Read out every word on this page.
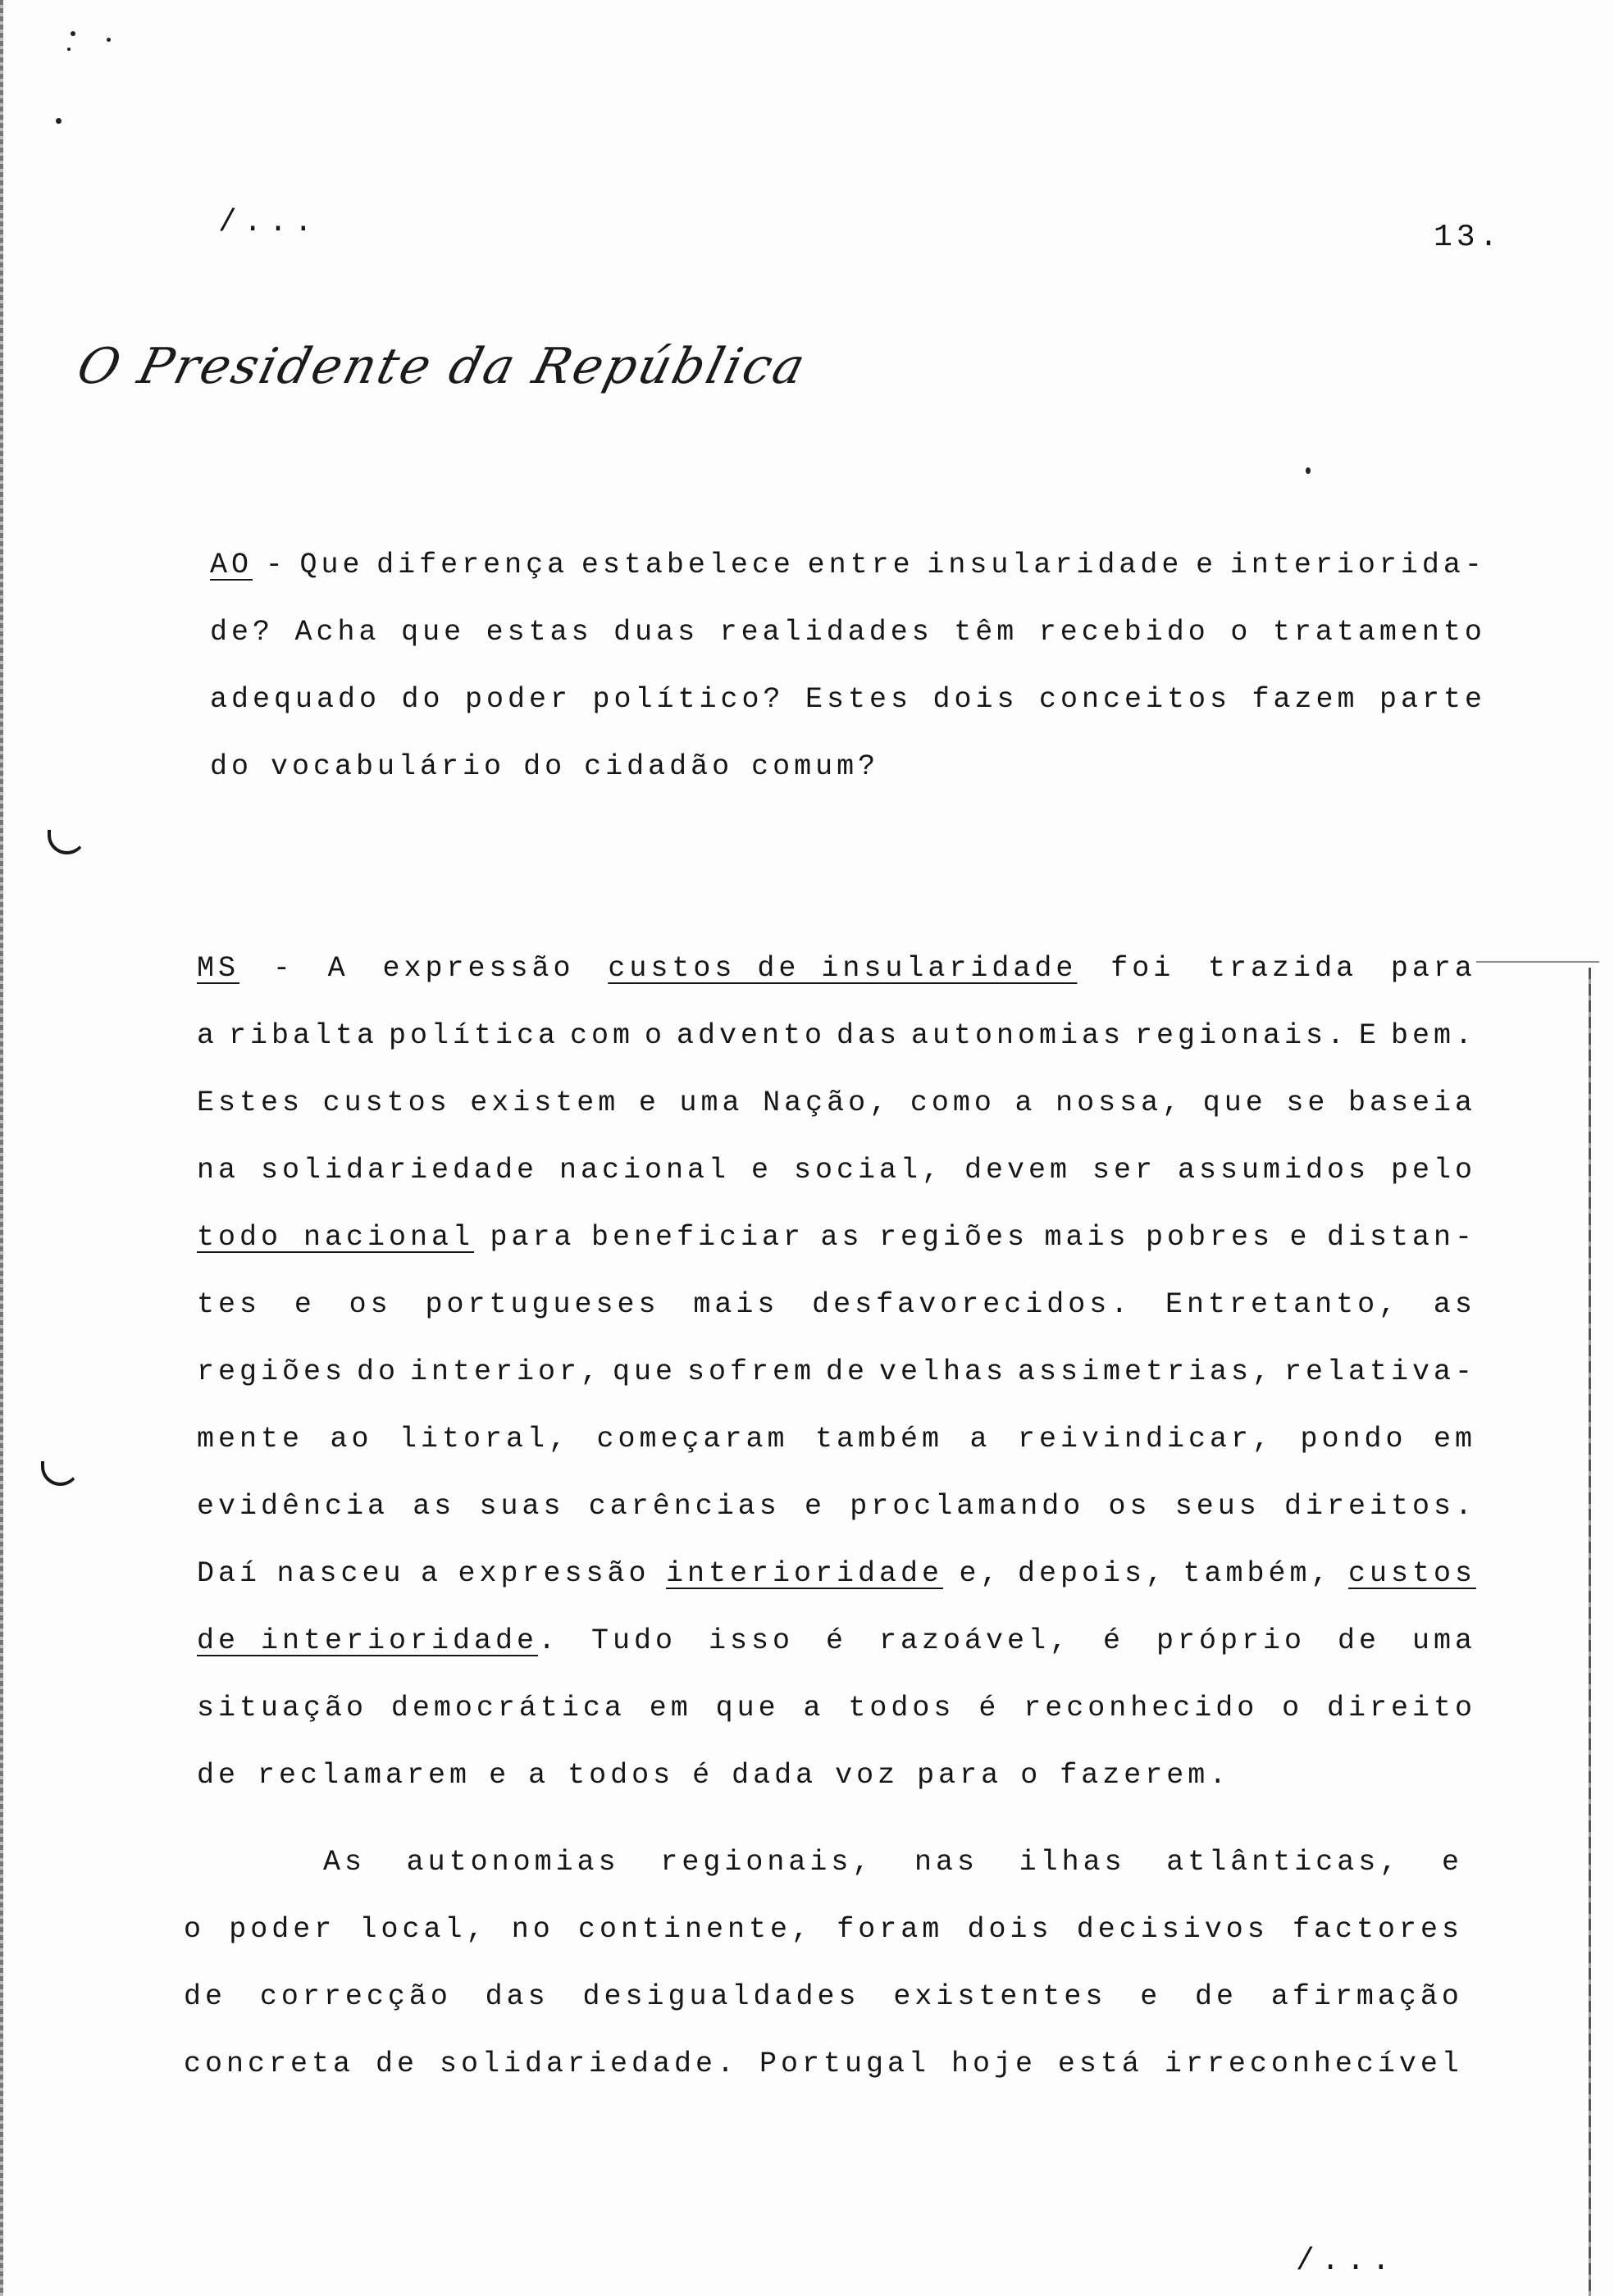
/...	13.
O Presidente da República
AO - Que diferença estabelece entre insularidade e interiorida-
de? Acha que estas duas realidades têm recebido o tratamento
adequado do poder político? Estes dois conceitos fazem parte
do vocabulário do cidadão comum?
MS - A expressão custos de insularidade foi trazida para
a ribalta política com o advento das autonomias regionais. E bem.
Estes custos existem e uma Nação, como a nossa, que se baseia
na solidariedade nacional e social, devem ser assumidos pelo
todo nacional para beneficiar as regiões mais pobres e distan-
tes e os portugueses mais desfavorecidos. Entretanto, as
regiões do interior, que sofrem de velhas assimetrias, relativa-
mente ao litoral, começaram também a reivindicar, pondo em
evidência as suas carências e proclamando os seus direitos.
Daí nasceu a expressão interioridade e, depois, também, custos
de interioridade. Tudo isso é razoável, é próprio de uma
situação democrática em que a todos é reconhecido o direito
de reclamarem e a todos é dada voz para o fazerem.
As autonomias regionais, nas ilhas atlânticas, e
o poder local, no continente, foram dois decisivos factores
de correcção das desigualdades existentes e de afirmação
concreta de solidariedade. Portugal hoje está irreconhecível
/...
